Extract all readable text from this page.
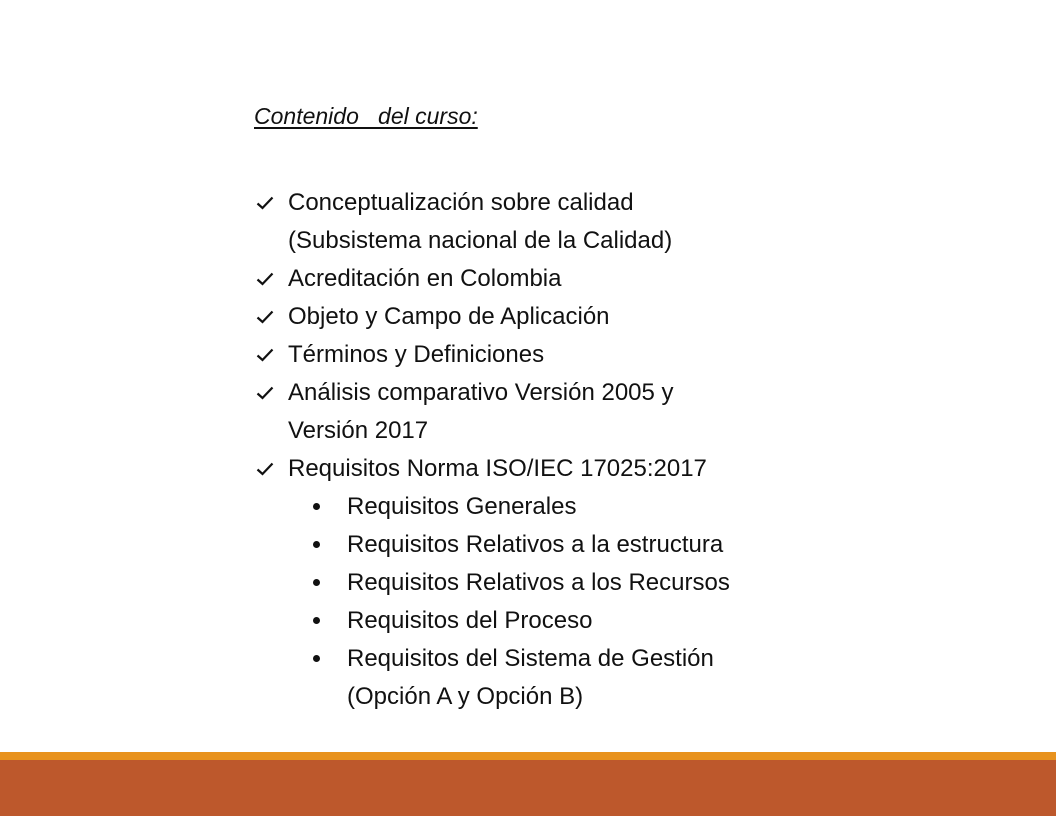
Contenido   del curso:
Conceptualización sobre calidad
(Subsistema nacional de la Calidad)
Acreditación en Colombia
Objeto y Campo de Aplicación
Términos y Definiciones
Análisis comparativo Versión 2005 y
Versión 2017
Requisitos Norma ISO/IEC 17025:2017
Requisitos Generales
Requisitos Relativos a la estructura
Requisitos Relativos a los Recursos
Requisitos del Proceso
Requisitos del Sistema de Gestión
(Opción A y Opción B)
